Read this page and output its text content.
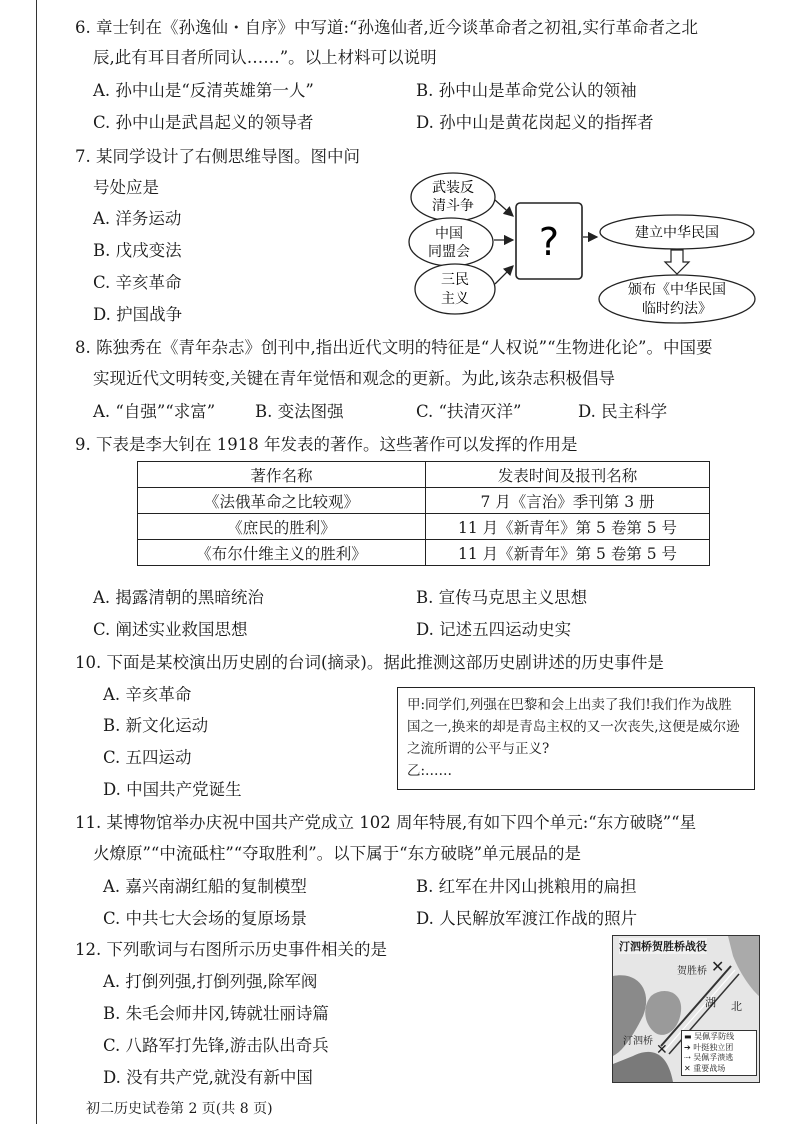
6. 章士钊在《孙逸仙・自序》中写道:“孙逸仙者,近今谈革命者之初祖,实行革命者之北
辰,此有耳目者所同认……”。以上材料可以说明
A. 孙中山是“反清英雄第一人”	B. 孙中山是革命党公认的领袖
C. 孙中山是武昌起义的领导者	D. 孙中山是黄花岗起义的指挥者
7. 某同学设计了右侧思维导图。图中问
号处应是
A. 洋务运动
B. 戊戌变法
C. 辛亥革命
D. 护国战争
武装反
清斗争
中国
同盟会
三民
主义
?	建立中华民国
颁布《中华民国
临时约法》
8. 陈独秀在《青年杂志》创刊中,指出近代文明的特征是“人权说”“生物进化论”。中国要
实现近代文明转变,关键在青年觉悟和观念的更新。为此,该杂志积极倡导
A. “自强”“求富” B. 变法图强	C. “扶清灭洋”	D. 民主科学
9. 下表是李大钊在 1918 年发表的著作。这些著作可以发挥的作用是
著作名称	发表时间及报刊名称
《法俄革命之比较观》	7 月《言治》季刊第 3 册
《庶民的胜利》	11 月《新青年》第 5 卷第 5 号
《布尔什维主义的胜利》	11 月《新青年》第 5 卷第 5 号
A. 揭露清朝的黑暗统治	B. 宣传马克思主义思想
C. 阐述实业救国思想	D. 记述五四运动史实
10. 下面是某校演出历史剧的台词(摘录)。据此推测这部历史剧讲述的历史事件是
A. 辛亥革命
B. 新文化运动
C. 五四运动
D. 中国共产党诞生
甲:同学们,列强在巴黎和会上出卖了我们!我们作为战胜国之一,换来的却是青岛主权的又一次丧失,这便是威尔逊之流所谓的公平与正义?
乙:……
11. 某博物馆举办庆祝中国共产党成立 102 周年特展,有如下四个单元:“东方破晓”“星
火燎原”“中流砥柱”“夺取胜利”。以下属于“东方破晓”单元展品的是
A. 嘉兴南湖红船的复制模型	B. 红军在井冈山挑粮用的扁担
C. 中共七大会场的复原场景	D. 人民解放军渡江作战的照片
12. 下列歌词与右图所示历史事件相关的是
A. 打倒列强,打倒列强,除军阀
B. 朱毛会师井冈,铸就壮丽诗篇
C. 八路军打先锋,游击队出奇兵
D. 没有共产党,就没有新中国
✕
✕
汀泗桥贺胜桥战役
贺胜桥
汀泗桥
湖 北
▬ 吴佩孚防线
➔ 叶挺独立团
⇢ 吴佩孚溃逃
✕ 重要战场
初二历史试卷第 2 页(共 8 页)
